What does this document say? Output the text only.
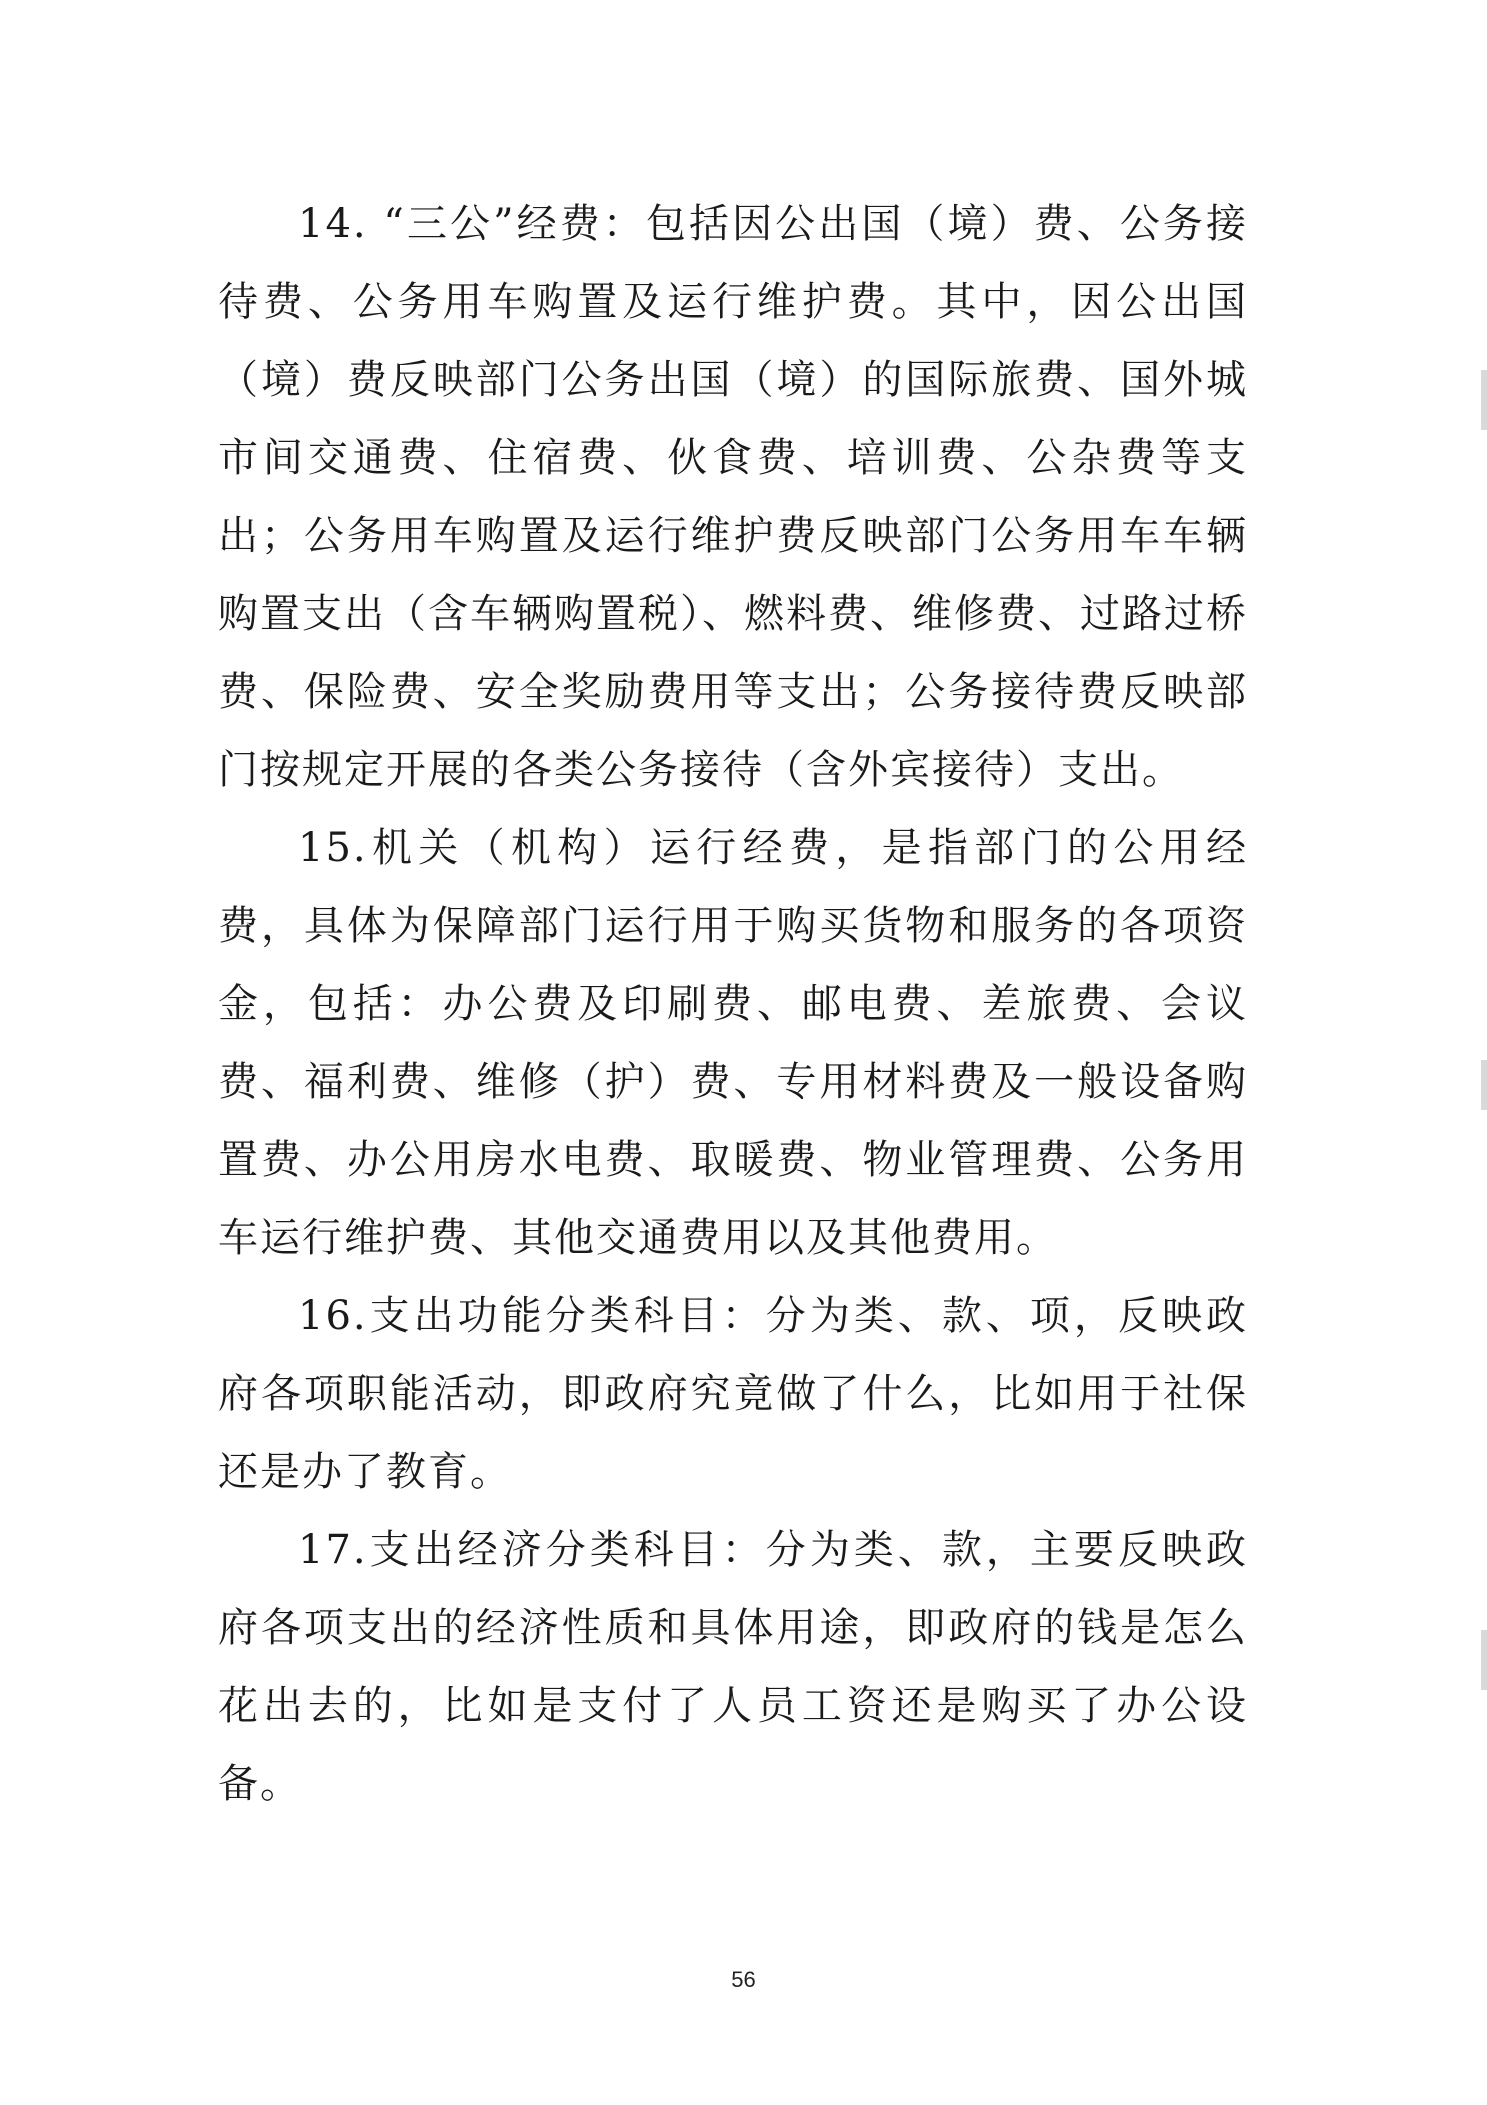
14. “三公”经费：包括因公出国（境）费、公务接待费、公务用车购置及运行维护费。其中，因公出国（境）费反映部门公务出国（境）的国际旅费、国外城市间交通费、住宿费、伙食费、培训费、公杂费等支出；公务用车购置及运行维护费反映部门公务用车车辆购置支出（含车辆购置税）、燃料费、维修费、过路过桥费、保险费、安全奖励费用等支出；公务接待费反映部门按规定开展的各类公务接待（含外宾接待）支出。

15.机关（机构）运行经费，是指部门的公用经费，具体为保障部门运行用于购买货物和服务的各项资金，包括：办公费及印刷费、邮电费、差旅费、会议费、福利费、维修（护）费、专用材料费及一般设备购置费、办公用房水电费、取暖费、物业管理费、公务用车运行维护费、其他交通费用以及其他费用。

16.支出功能分类科目：分为类、款、项，反映政府各项职能活动，即政府究竟做了什么，比如用于社保还是办了教育。

17.支出经济分类科目：分为类、款，主要反映政府各项支出的经济性质和具体用途，即政府的钱是怎么花出去的，比如是支付了人员工资还是购买了办公设备。

56
